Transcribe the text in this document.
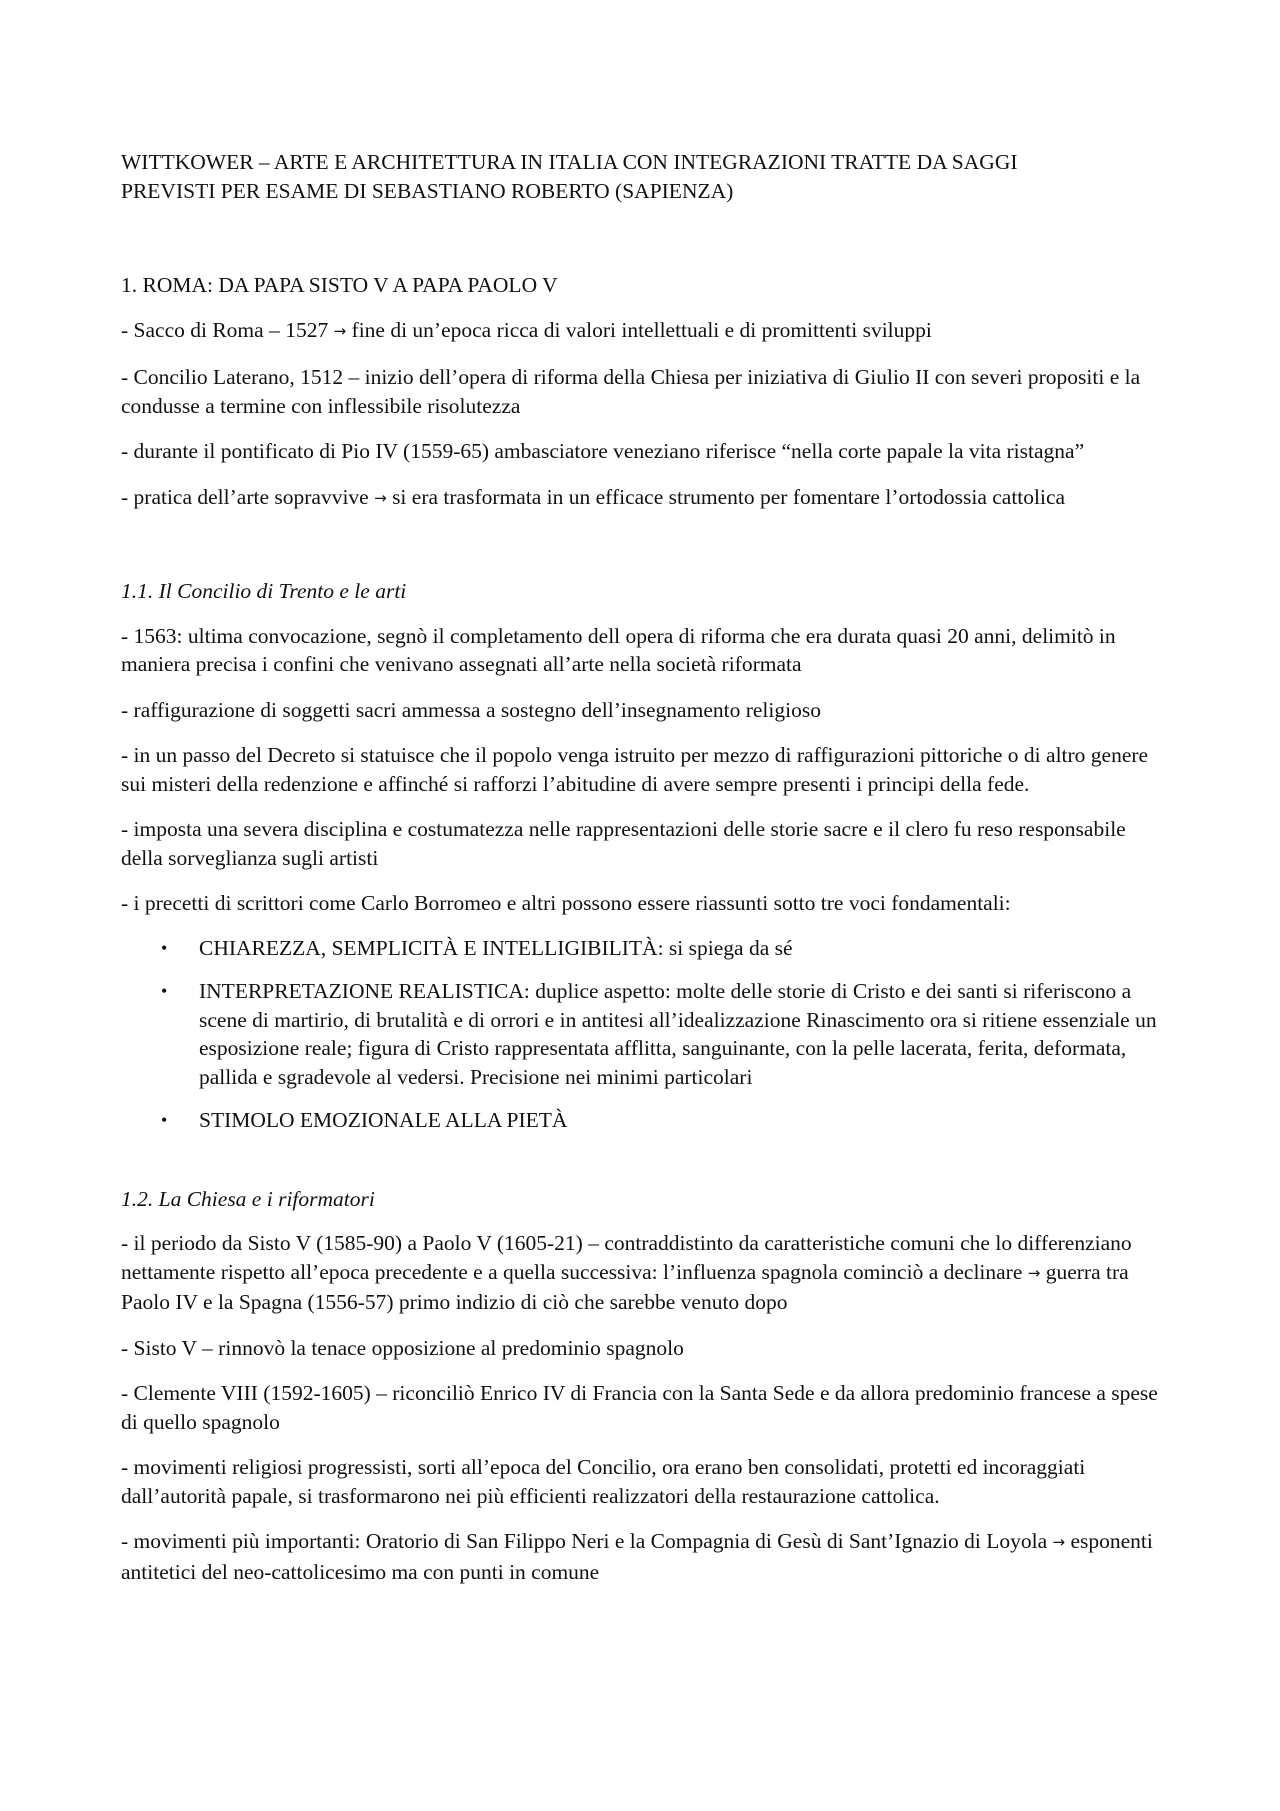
WITTKOWER – ARTE E ARCHITETTURA IN ITALIA CON INTEGRAZIONI TRATTE DA SAGGI
PREVISTI PER ESAME DI SEBASTIANO ROBERTO (SAPIENZA)

1. ROMA: DA PAPA SISTO V A PAPA PAOLO V

- Sacco di Roma – 1527 → fine di un’epoca ricca di valori intellettuali e di promittenti sviluppi

- Concilio Laterano, 1512 – inizio dell’opera di riforma della Chiesa per iniziativa di Giulio II con severi propositi e la condusse a termine con inflessibile risolutezza

- durante il pontificato di Pio IV (1559-65) ambasciatore veneziano riferisce “nella corte papale la vita ristagna”

- pratica dell’arte sopravvive → si era trasformata in un efficace strumento per fomentare l’ortodossia cattolica

1.1. Il Concilio di Trento e le arti

- 1563: ultima convocazione, segnò il completamento dell opera di riforma che era durata quasi 20 anni, delimitò in maniera precisa i confini che venivano assegnati all’arte nella società riformata

- raffigurazione di soggetti sacri ammessa a sostegno dell’insegnamento religioso

- in un passo del Decreto si statuisce che il popolo venga istruito per mezzo di raffigurazioni pittoriche o di altro genere sui misteri della redenzione e affinché si rafforzi l’abitudine di avere sempre presenti i principi della fede.

- imposta una severa disciplina e costumatezza nelle rappresentazioni delle storie sacre e il clero fu reso responsabile della sorveglianza sugli artisti

- i precetti di scrittori come Carlo Borromeo e altri possono essere riassunti sotto tre voci fondamentali:

• CHIAREZZA, SEMPLICITÀ E INTELLIGIBILITÀ: si spiega da sé
• INTERPRETAZIONE REALISTICA: duplice aspetto: molte delle storie di Cristo e dei santi si riferiscono a scene di martirio, di brutalità e di orrori e in antitesi all’idealizzazione Rinascimento ora si ritiene essenziale un esposizione reale; figura di Cristo rappresentata afflitta, sanguinante, con la pelle lacerata, ferita, deformata, pallida e sgradevole al vedersi. Precisione nei minimi particolari
• STIMOLO EMOZIONALE ALLA PIETÀ

1.2. La Chiesa e i riformatori

- il periodo da Sisto V (1585-90) a Paolo V (1605-21) – contraddistinto da caratteristiche comuni che lo differenziano nettamente rispetto all’epoca precedente e a quella successiva: l’influenza spagnola cominciò a declinare → guerra tra Paolo IV e la Spagna (1556-57) primo indizio di ciò che sarebbe venuto dopo

- Sisto V – rinnovò la tenace opposizione al predominio spagnolo

- Clemente VIII (1592-1605) – riconciliò Enrico IV di Francia con la Santa Sede e da allora predominio francese a spese di quello spagnolo

- movimenti religiosi progressisti, sorti all’epoca del Concilio, ora erano ben consolidati, protetti ed incoraggiati dall’autorità papale, si trasformarono nei più efficienti realizzatori della restaurazione cattolica.

- movimenti più importanti: Oratorio di San Filippo Neri e la Compagnia di Gesù di Sant’Ignazio di Loyola → esponenti antitetici del neo-cattolicesimo ma con punti in comune
